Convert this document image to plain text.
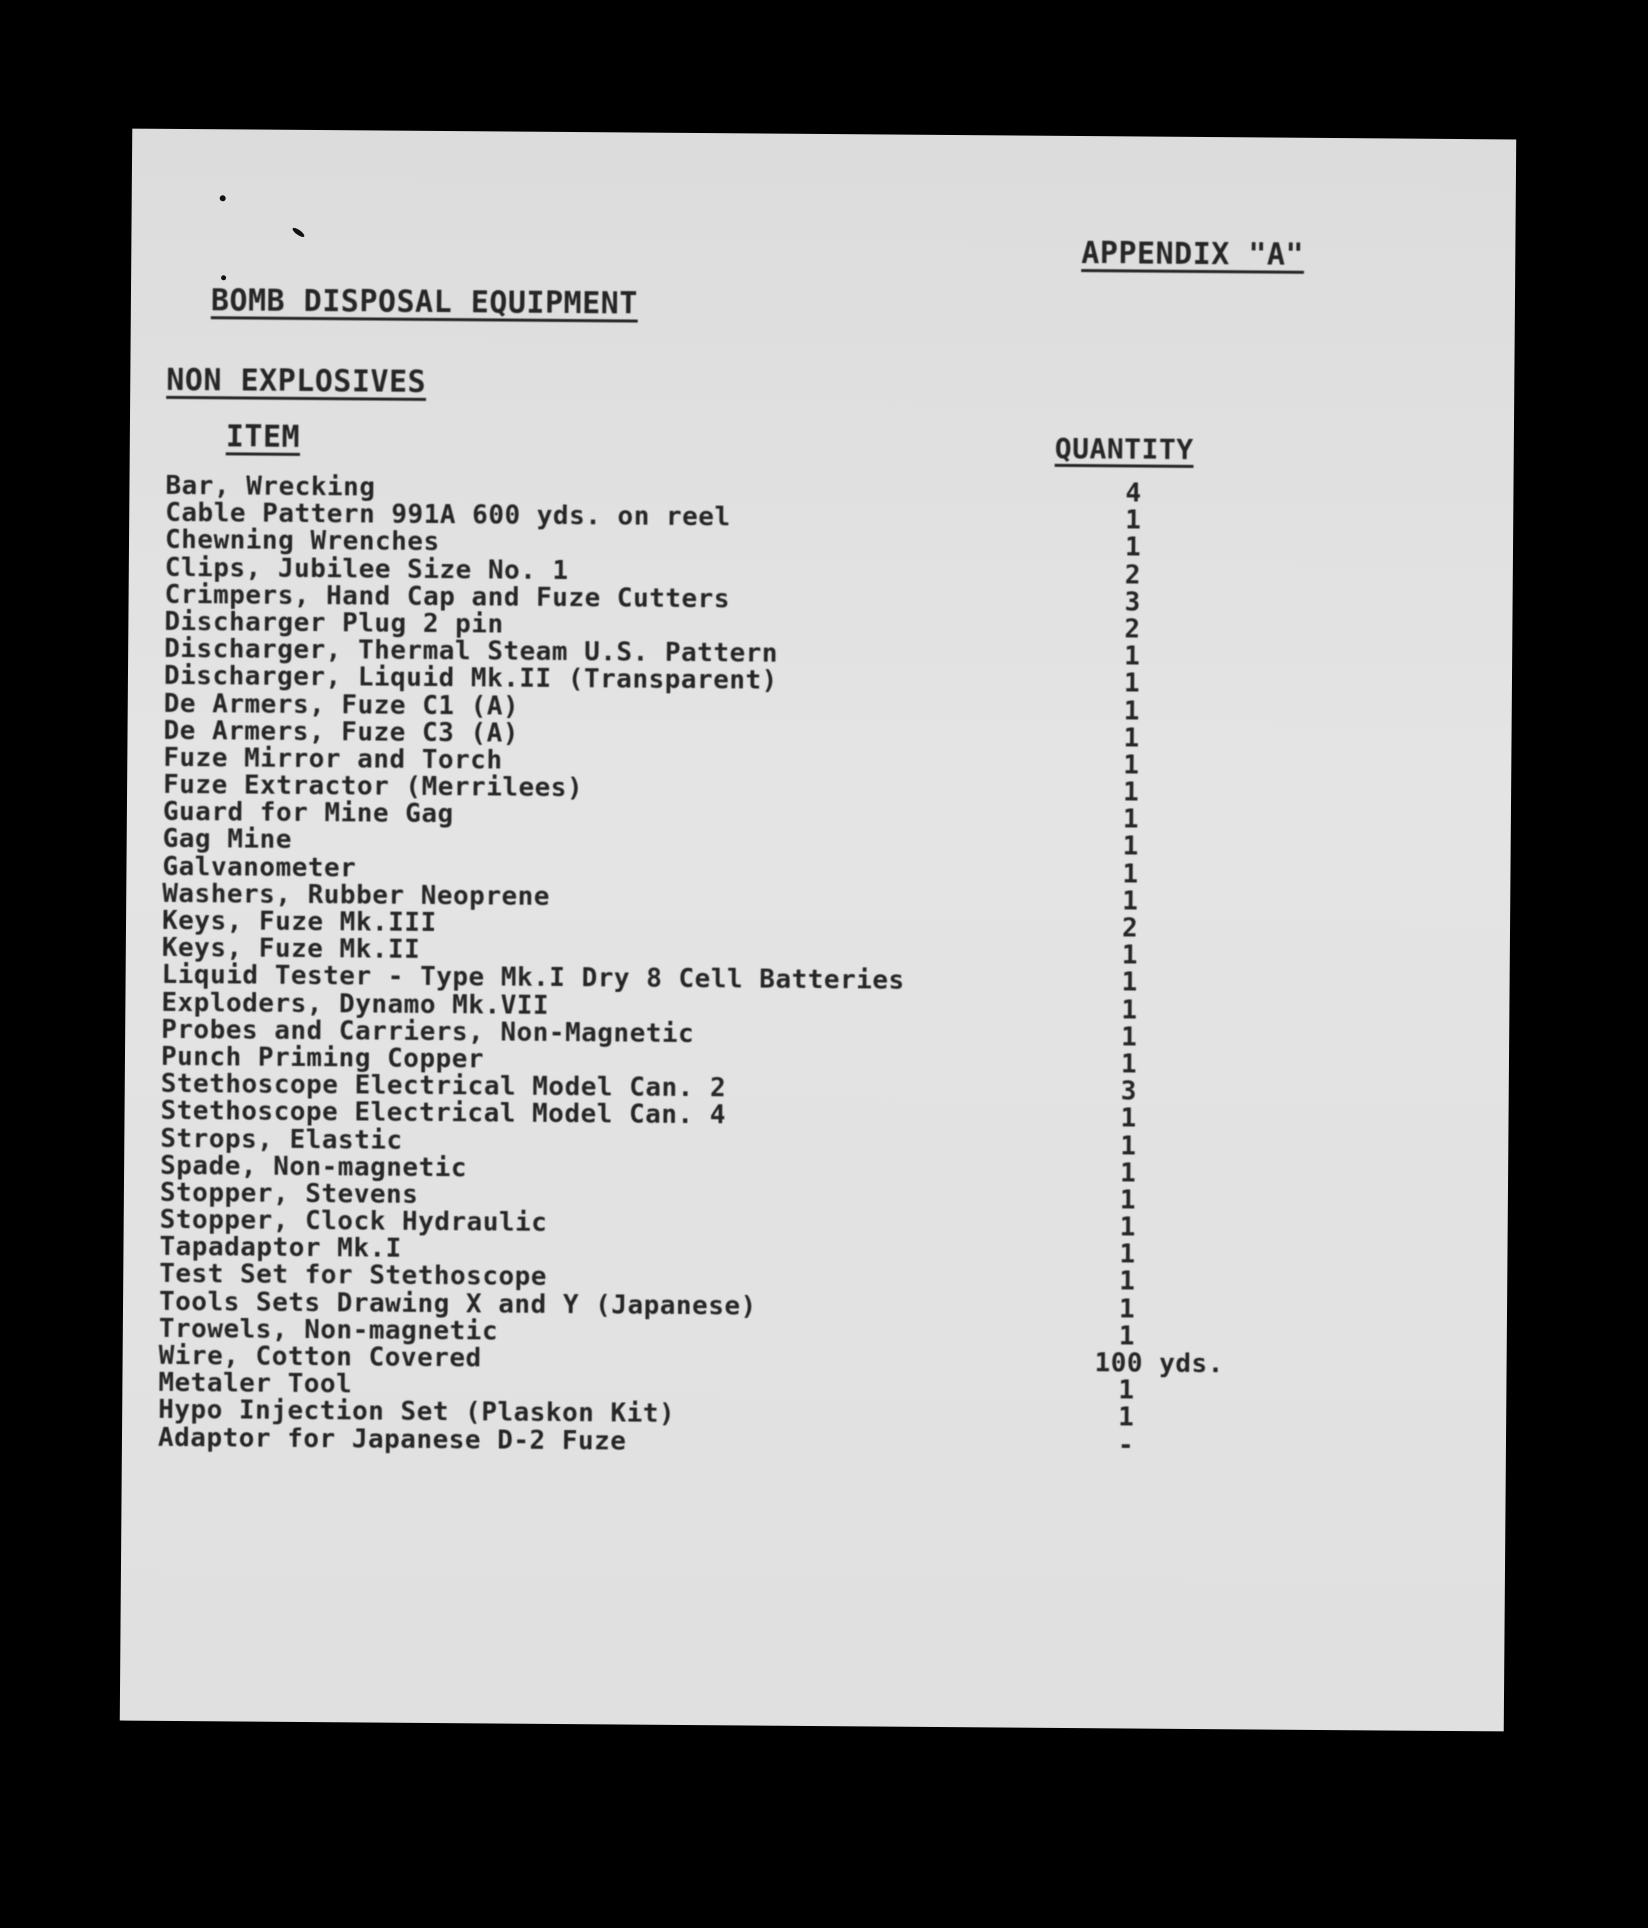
APPENDIX "A"
BOMB DISPOSAL EQUIPMENT
NON EXPLOSIVES
ITEM	QUANTITY
Bar, Wrecking	4
Cable Pattern 991A 600 yds. on reel	1
Chewning Wrenches	1
Clips, Jubilee Size No. 1	2
Crimpers, Hand Cap and Fuze Cutters	3
Discharger Plug 2 pin	2
Discharger, Thermal Steam U.S. Pattern	1
Discharger, Liquid Mk.II (Transparent)	1
De Armers, Fuze C1 (A)	1
De Armers, Fuze C3 (A)	1
Fuze Mirror and Torch	1
Fuze Extractor (Merrilees)	1
Guard for Mine Gag	1
Gag Mine	1
Galvanometer	1
Washers, Rubber Neoprene	1
Keys, Fuze Mk.III	2
Keys, Fuze Mk.II	1
Liquid Tester - Type Mk.I Dry 8 Cell Batteries	1
Exploders, Dynamo Mk.VII	1
Probes and Carriers, Non-Magnetic	1
Punch Priming Copper	1
Stethoscope Electrical Model Can. 2	3
Stethoscope Electrical Model Can. 4	1
Strops, Elastic	1
Spade, Non-magnetic	1
Stopper, Stevens	1
Stopper, Clock Hydraulic	1
Tapadaptor Mk.I	1
Test Set for Stethoscope	1
Tools Sets Drawing X and Y (Japanese)	1
Trowels, Non-magnetic	1
Wire, Cotton Covered	100 yds.
Metaler Tool	1
Hypo Injection Set (Plaskon Kit)	1
Adaptor for Japanese D-2 Fuze	-
